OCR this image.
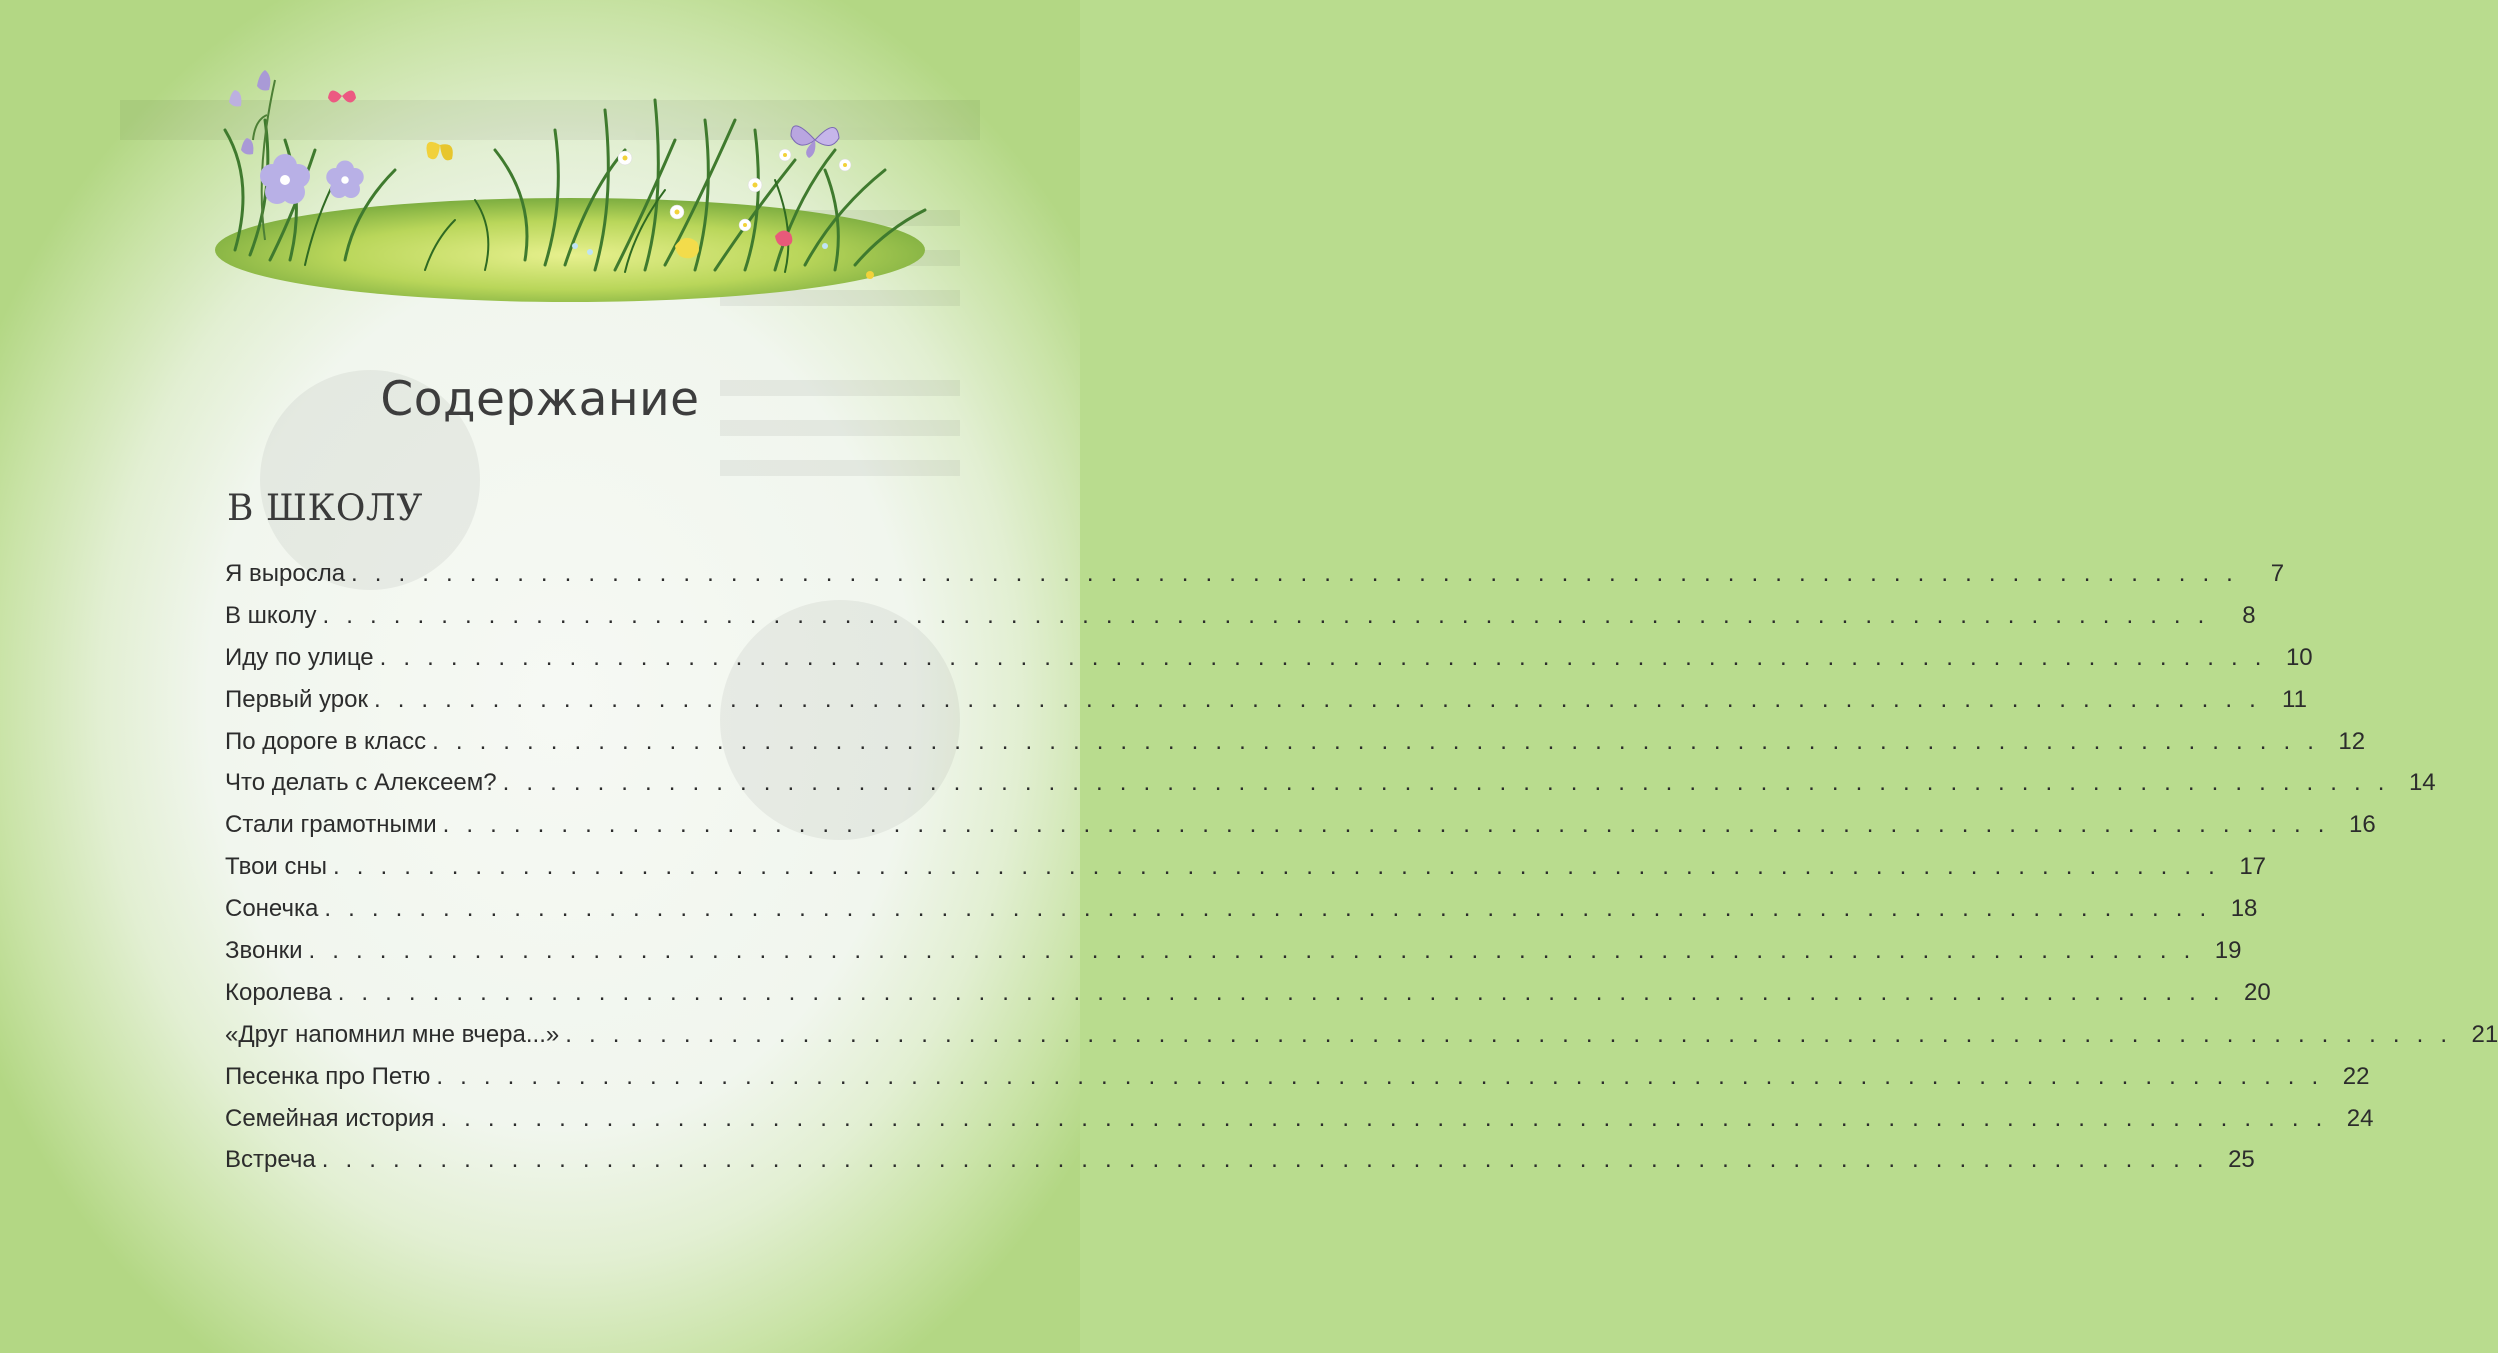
Содержание
В ШКОЛУ
Я выросла . . . . . . . . . . . . . . . . . . . . . . . . . . . . . . . . . . . . . . . . . . . . . . . . . . . . . . . . . . . . . . . . . . . . . . . . . . . . . . . .	7
В школу . . . . . . . . . . . . . . . . . . . . . . . . . . . . . . . . . . . . . . . . . . . . . . . . . . . . . . . . . . . . . . . . . . . . . . . . . . . . . . . .	8
Иду по улице . . . . . . . . . . . . . . . . . . . . . . . . . . . . . . . . . . . . . . . . . . . . . . . . . . . . . . . . . . . . . . . . . . . . . . . . . . . . . . . . 10
Первый урок . . . . . . . . . . . . . . . . . . . . . . . . . . . . . . . . . . . . . . . . . . . . . . . . . . . . . . . . . . . . . . . . . . . . . . . . . . . . . . . . 11
По дороге в класс . . . . . . . . . . . . . . . . . . . . . . . . . . . . . . . . . . . . . . . . . . . . . . . . . . . . . . . . . . . . . . . . . . . . . . . . . . . . . . . . 12
Что делать с Алексеем? . . . . . . . . . . . . . . . . . . . . . . . . . . . . . . . . . . . . . . . . . . . . . . . . . . . . . . . . . . . . . . . . . . . . . . . . . . . . . . . . 14
Стали грамотными . . . . . . . . . . . . . . . . . . . . . . . . . . . . . . . . . . . . . . . . . . . . . . . . . . . . . . . . . . . . . . . . . . . . . . . . . . . . . . . . 16
Твои сны . . . . . . . . . . . . . . . . . . . . . . . . . . . . . . . . . . . . . . . . . . . . . . . . . . . . . . . . . . . . . . . . . . . . . . . . . . . . . . . . 17
Сонечка . . . . . . . . . . . . . . . . . . . . . . . . . . . . . . . . . . . . . . . . . . . . . . . . . . . . . . . . . . . . . . . . . . . . . . . . . . . . . . . . 18
Звонки . . . . . . . . . . . . . . . . . . . . . . . . . . . . . . . . . . . . . . . . . . . . . . . . . . . . . . . . . . . . . . . . . . . . . . . . . . . . . . . . 19
Королева . . . . . . . . . . . . . . . . . . . . . . . . . . . . . . . . . . . . . . . . . . . . . . . . . . . . . . . . . . . . . . . . . . . . . . . . . . . . . . . . 20
«Друг напомнил мне вчера...» . . . . . . . . . . . . . . . . . . . . . . . . . . . . . . . . . . . . . . . . . . . . . . . . . . . . . . . . . . . . . . . . . . . . . . . . . . . . . . . . 21
Песенка про Петю . . . . . . . . . . . . . . . . . . . . . . . . . . . . . . . . . . . . . . . . . . . . . . . . . . . . . . . . . . . . . . . . . . . . . . . . . . . . . . . . 22
Семейная история . . . . . . . . . . . . . . . . . . . . . . . . . . . . . . . . . . . . . . . . . . . . . . . . . . . . . . . . . . . . . . . . . . . . . . . . . . . . . . . . 24
Встреча . . . . . . . . . . . . . . . . . . . . . . . . . . . . . . . . . . . . . . . . . . . . . . . . . . . . . . . . . . . . . . . . . . . . . . . . . . . . . . . . 25
